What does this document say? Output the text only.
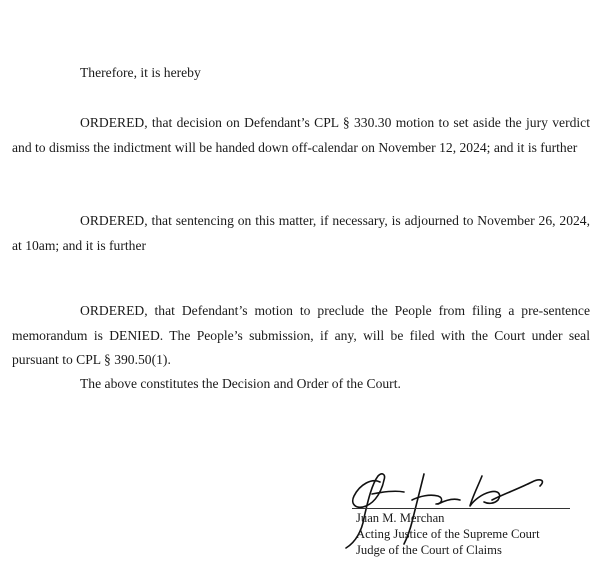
Therefore, it is hereby

ORDERED, that decision on Defendant’s CPL § 330.30 motion to set aside the jury verdict and to dismiss the indictment will be handed down off-calendar on November 12, 2024; and it is further

ORDERED, that sentencing on this matter, if necessary, is adjourned to November 26, 2024, at 10am; and it is further

ORDERED, that Defendant’s motion to preclude the People from filing a pre-sentence memorandum is DENIED. The People’s submission, if any, will be filed with the Court under seal pursuant to CPL § 390.50(1).

The above constitutes the Decision and Order of the Court.

Juan M. Merchan
Acting Justice of the Supreme Court
Judge of the Court of Claims
